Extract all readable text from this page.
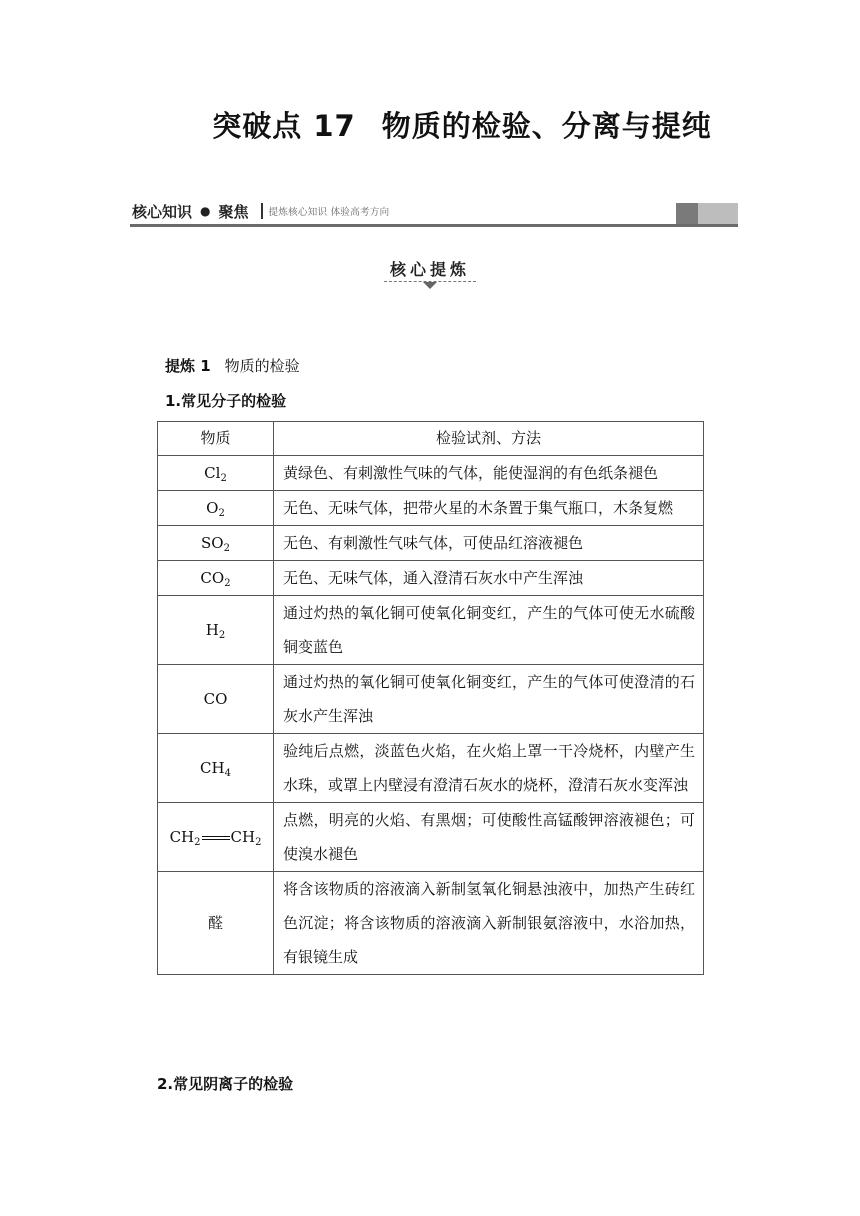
突破点 17 物质的检验、分离与提纯
核心知识 ● 聚焦 提炼核心知识 体验高考方向
核心提炼
提炼 1 物质的检验
1.常见分子的检验
物质	检验试剂、方法
$Cl_2$	黄绿色、有刺激性气味的气体，能使湿润的有色纸条褪色
$O_2$	无色、无味气体，把带火星的木条置于集气瓶口，木条复燃
$SO_2$	无色、有刺激性气味气体，可使品红溶液褪色
$CO_2$	无色、无味气体，通入澄清石灰水中产生浑浊
$H_2$	通过灼热的氧化铜可使氧化铜变红，产生的气体可使无水硫酸铜变蓝色
CO	通过灼热的氧化铜可使氧化铜变红，产生的气体可使澄清的石灰水产生浑浊
$CH_4$	验纯后点燃，淡蓝色火焰，在火焰上罩一干冷烧杯，内壁产生水珠，或罩上内壁浸有澄清石灰水的烧杯，澄清石灰水变浑浊
$CH_2$ $CH_2$	点燃，明亮的火焰、有黑烟；可使酸性高锰酸钾溶液褪色；可使溴水褪色
醛	将含该物质的溶液滴入新制氢氧化铜悬浊液中，加热产生砖红色沉淀；将含该物质的溶液滴入新制银氨溶液中，水浴加热，有银镜生成
2.常见阴离子的检验
